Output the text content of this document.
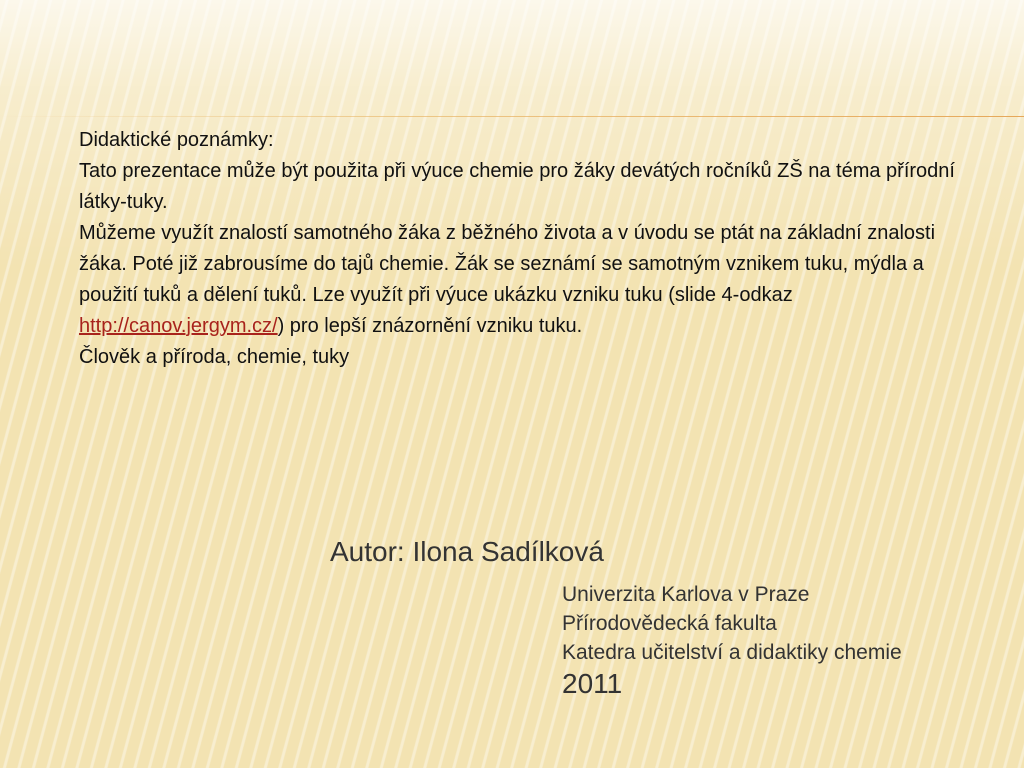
Didaktické poznámky:

Tato prezentace může být použita při výuce chemie pro žáky devátých ročníků ZŠ na téma přírodní látky-tuky.

Můžeme využít znalostí samotného žáka z běžného života a v úvodu se ptát na základní znalosti žáka. Poté již zabrousíme do tajů chemie. Žák se seznámí se samotným vznikem tuku, mýdla a použití tuků a dělení tuků. Lze využít při výuce ukázku vzniku tuku (slide 4-odkaz http://canov.jergym.cz/) pro lepší znázornění vzniku tuku.

Člověk a příroda, chemie, tuky

Autor: Ilona Sadílková
Univerzita Karlova v Praze
Přírodovědecká fakulta
Katedra učitelství a didaktiky chemie
2011
